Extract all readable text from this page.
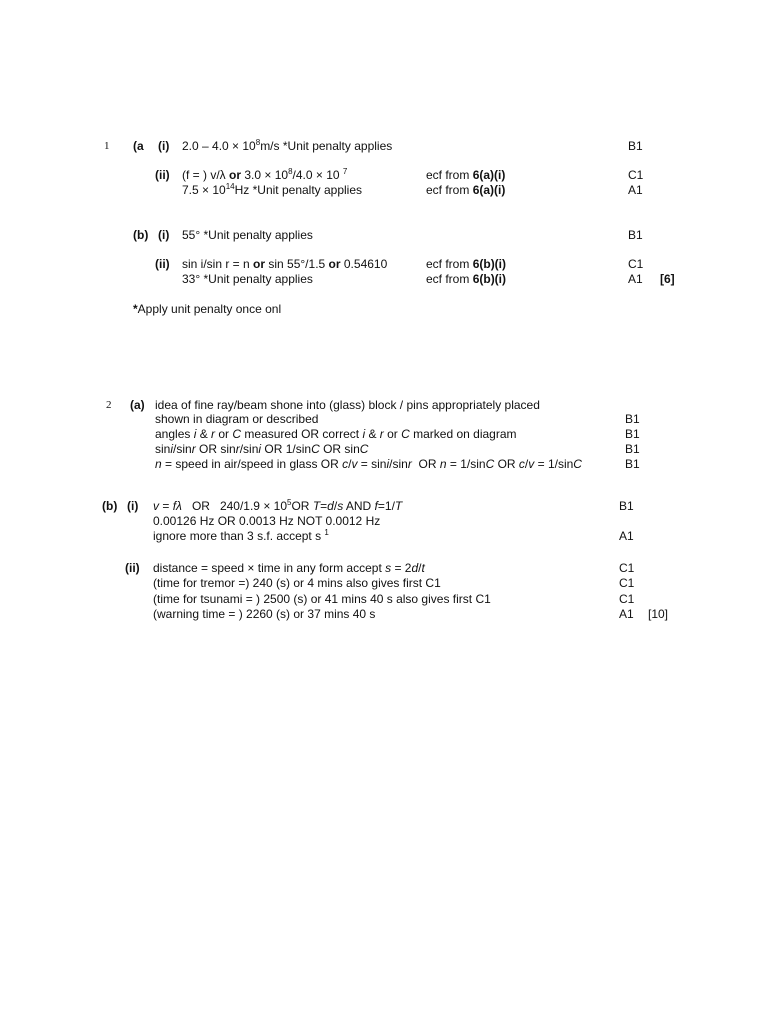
1 (a (i) $2.0 - 4.0 \times 10^8m/s$ *Unit penalty applies	B1
(ii) (f = ) v/λ or $3.0 \times 10^8/4.0 \times 10$ $^7$	ecf from 6(a)(i)	C1
$7.5 \times 10^{14}Hz$ *Unit penalty applies	ecf from 6(a)(i)	A1
(b) (i) 55° *Unit penalty applies	B1
(ii) sin i/sin r = n or sin 55°/1.5 or 0.54610	ecf from 6(b)(i)	C1
33° *Unit penalty applies	ecf from 6(b)(i)	A1 [6]
*Apply unit penalty once onl
2 (a) idea of fine ray/beam shone into (glass) block / pins appropriately placed
shown in diagram or described	B1
angles i & r or C measured OR correct i & r or C marked on diagram	B1
sini/sinr OR sinr/sini OR 1/sinC OR sinC	B1
n = speed in air/speed in glass OR c/v = sini/sinr  OR n = 1/sinC OR c/v = 1/sinC	B1
(b) (i) v = fλ   OR   $240/1.9 \times 10^5OR$ T=d/s AND f=1/T	B1
0.00126 Hz OR 0.0013 Hz NOT 0.0012 Hz
ignore more than 3 s.f. accept s $^1$	A1
(ii) distance = speed × time in any form accept s = 2d/t	C1
(time for tremor =) 240 (s) or 4 mins also gives first C1	C1
(time for tsunami = ) 2500 (s) or 41 mins 40 s also gives first C1	C1
(warning time = ) 2260 (s) or 37 mins 40 s	A1 [10]
